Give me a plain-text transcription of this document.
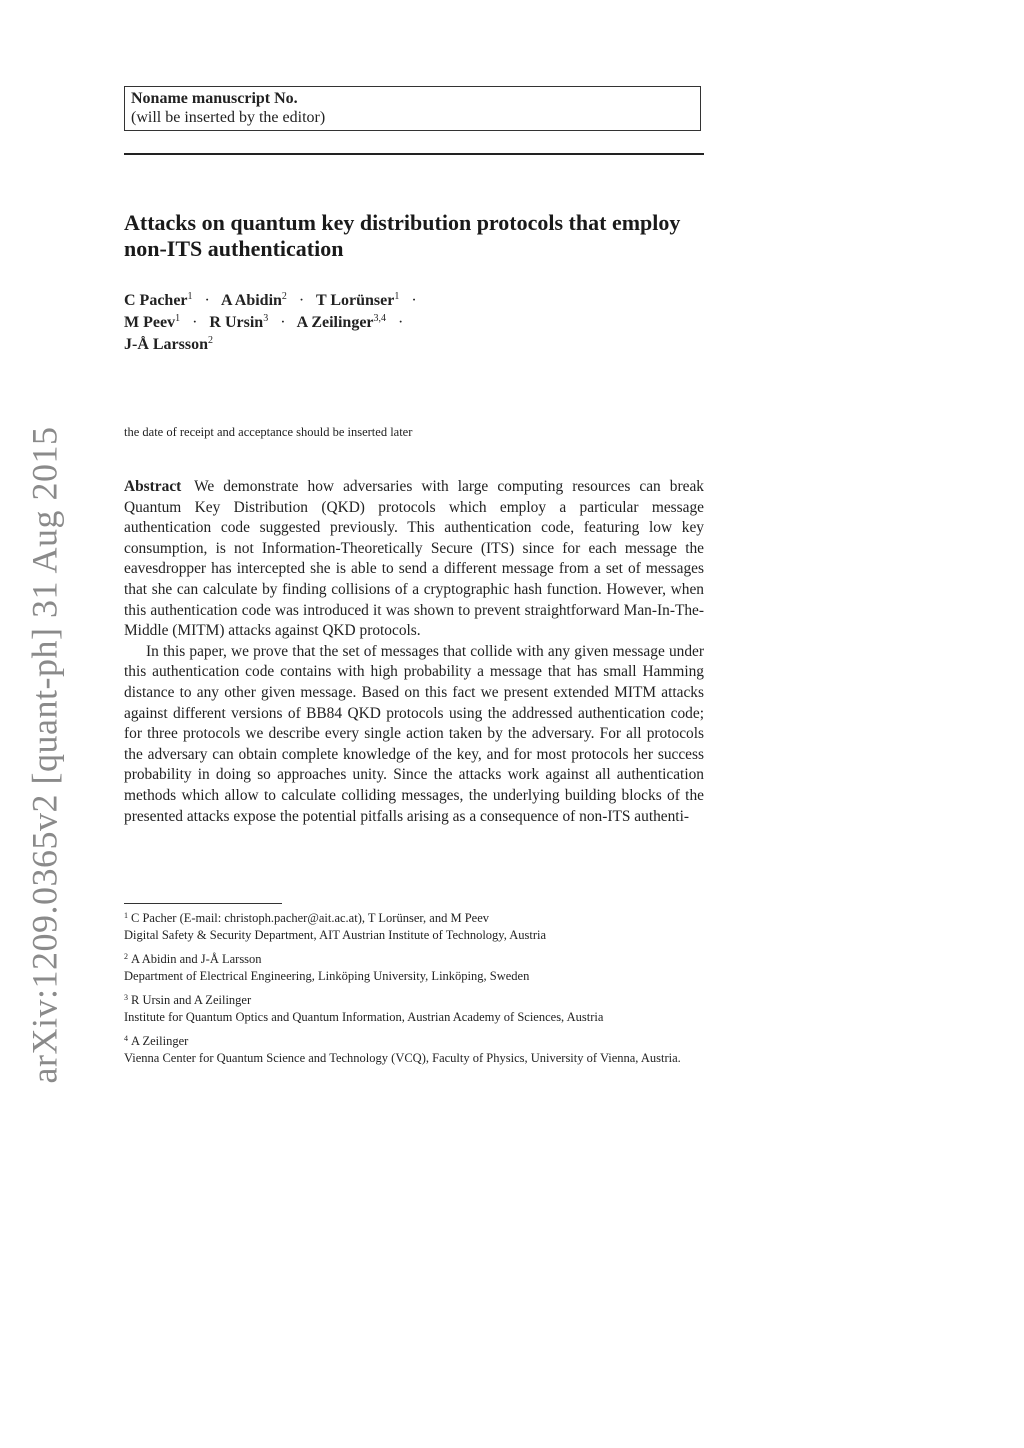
arXiv:1209.0365v2 [quant-ph] 31 Aug 2015
Noname manuscript No.
(will be inserted by the editor)
Attacks on quantum key distribution protocols that employ non-ITS authentication
C Pacher$^1$ · A Abidin$^2$ · T Lorünser$^1$ ·
M Peev$^1$ · R Ursin$^3$ · A Zeilinger$^{3,4}$ ·
J-Å Larsson$^2$
the date of receipt and acceptance should be inserted later

Abstract We demonstrate how adversaries with large computing resources can break Quantum Key Distribution (QKD) protocols which employ a particular message authentication code suggested previously. This authentication code, featuring low key consumption, is not Information-Theoretically Secure (ITS) since for each message the eavesdropper has intercepted she is able to send a different message from a set of messages that she can calculate by finding collisions of a cryptographic hash function. However, when this authentication code was introduced it was shown to prevent straightforward Man-In-The-Middle (MITM) attacks against QKD protocols.

In this paper, we prove that the set of messages that collide with any given message under this authentication code contains with high probability a message that has small Hamming distance to any other given message. Based on this fact we present extended MITM attacks against different versions of BB84 QKD protocols using the addressed authentication code; for three protocols we describe every single action taken by the adversary. For all protocols the adversary can obtain complete knowledge of the key, and for most protocols her success probability in doing so approaches unity. Since the attacks work against all authentication methods which allow to calculate colliding messages, the underlying building blocks of the presented attacks expose the potential pitfalls arising as a consequence of non-ITS authenti-

$^1$ C Pacher (E-mail: christoph.pacher@ait.ac.at), T Lorünser, and M Peev
Digital Safety & Security Department, AIT Austrian Institute of Technology, Austria
$^2$ A Abidin and J-Å Larsson
Department of Electrical Engineering, Linköping University, Linköping, Sweden
$^3$ R Ursin and A Zeilinger
Institute for Quantum Optics and Quantum Information, Austrian Academy of Sciences, Austria
$^4$ A Zeilinger
Vienna Center for Quantum Science and Technology (VCQ), Faculty of Physics, University of Vienna, Austria.
